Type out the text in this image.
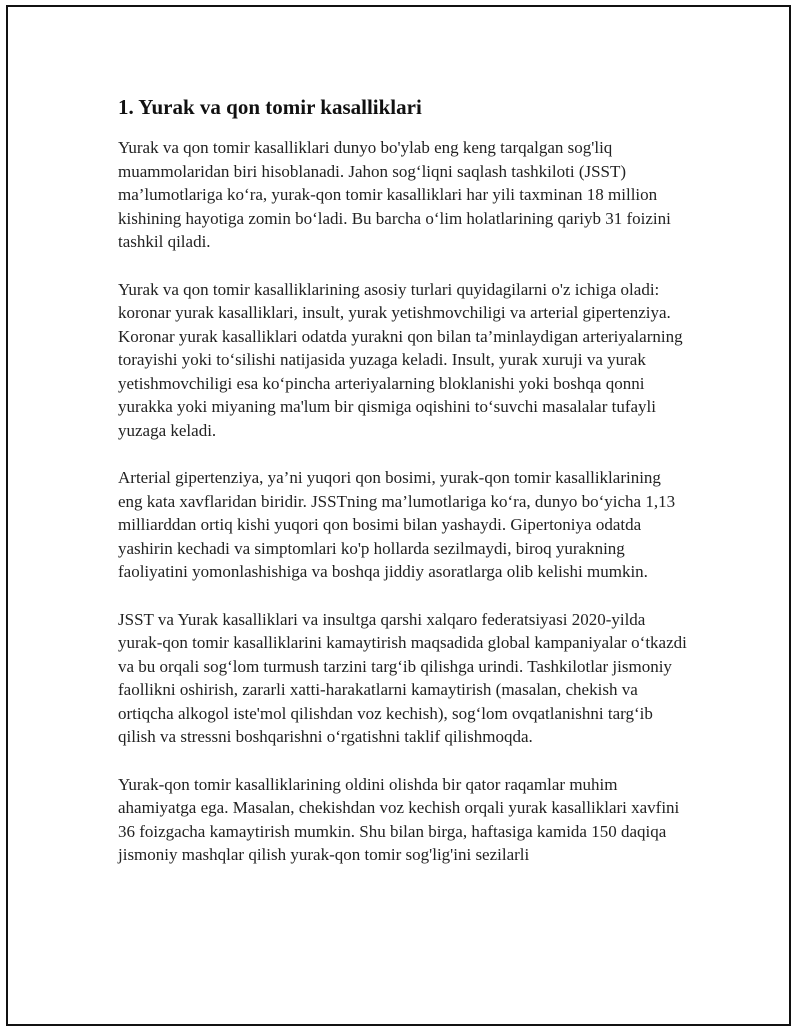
1. Yurak va qon tomir kasalliklari

Yurak va qon tomir kasalliklari dunyo bo'ylab eng keng tarqalgan sog'liq muammolaridan biri hisoblanadi. Jahon sog‘liqni saqlash tashkiloti (JSST) ma’lumotlariga ko‘ra, yurak-qon tomir kasalliklari har yili taxminan 18 million kishining hayotiga zomin bo‘ladi. Bu barcha o‘lim holatlarining qariyb 31 foizini tashkil qiladi.

Yurak va qon tomir kasalliklarining asosiy turlari quyidagilarni o'z ichiga oladi: koronar yurak kasalliklari, insult, yurak yetishmovchiligi va arterial gipertenziya. Koronar yurak kasalliklari odatda yurakni qon bilan ta’minlaydigan arteriyalarning torayishi yoki to‘silishi natijasida yuzaga keladi. Insult, yurak xuruji va yurak yetishmovchiligi esa ko‘pincha arteriyalarning bloklanishi yoki boshqa qonni yurakka yoki miyaning ma'lum bir qismiga oqishini to‘suvchi masalalar tufayli yuzaga keladi.

Arterial gipertenziya, ya’ni yuqori qon bosimi, yurak-qon tomir kasalliklarining eng kata xavflaridan biridir. JSSTning ma’lumotlariga ko‘ra, dunyo bo‘yicha 1,13 milliarddan ortiq kishi yuqori qon bosimi bilan yashaydi. Gipertoniya odatda yashirin kechadi va simptomlari ko'p hollarda sezilmaydi, biroq yurakning faoliyatini yomonlashishiga va boshqa jiddiy asoratlarga olib kelishi mumkin.

JSST va Yurak kasalliklari va insultga qarshi xalqaro federatsiyasi 2020-yilda yurak-qon tomir kasalliklarini kamaytirish maqsadida global kampaniyalar o‘tkazdi va bu orqali sog‘lom turmush tarzini targ‘ib qilishga urindi. Tashkilotlar jismoniy faollikni oshirish, zararli xatti-harakatlarni kamaytirish (masalan, chekish va ortiqcha alkogol iste'mol qilishdan voz kechish), sog‘lom ovqatlanishni targ‘ib qilish va stressni boshqarishni o‘rgatishni taklif qilishmoqda.

Yurak-qon tomir kasalliklarining oldini olishda bir qator raqamlar muhim ahamiyatga ega. Masalan, chekishdan voz kechish orqali yurak kasalliklari xavfini 36 foizgacha kamaytirish mumkin. Shu bilan birga, haftasiga kamida 150 daqiqa jismoniy mashqlar qilish yurak-qon tomir sog'lig'ini sezilarli
